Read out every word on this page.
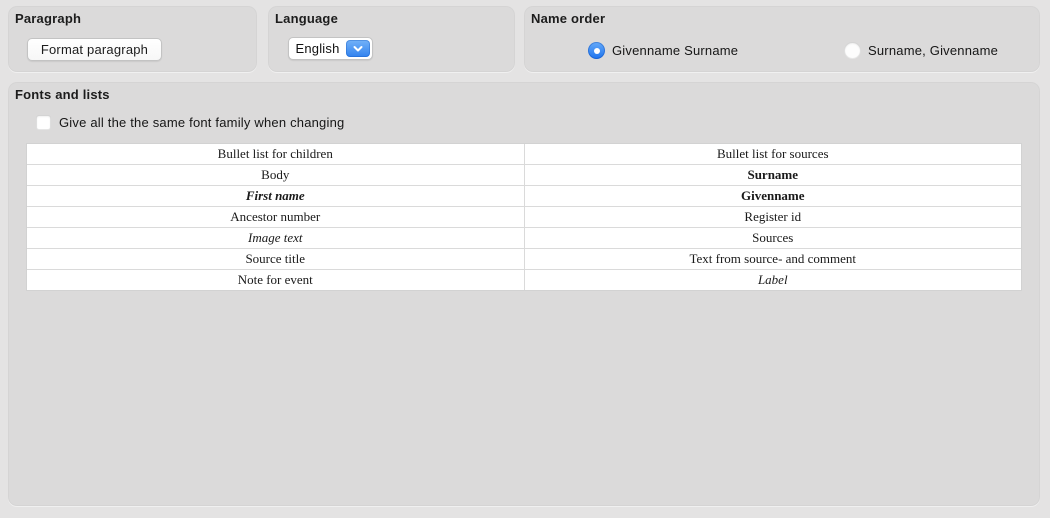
Paragraph
Format paragraph
Language
English
Name order
Givenname Surname	Surname, Givenname
Fonts and lists
Give all the the same font family when changing
Bullet list for children	Bullet list for sources
Body	Surname
First name	Givenname
Ancestor number	Register id
Image text	Sources
Source title	Text from source- and comment
Note for event	Label
